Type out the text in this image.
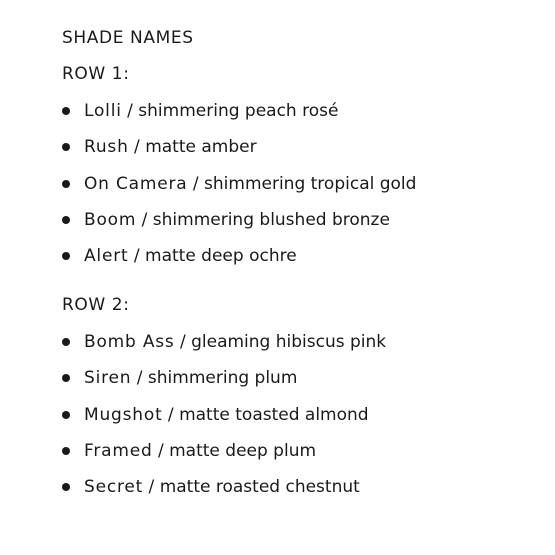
SHADE NAMES
ROW 1:
Lolli / shimmering peach rosé
Rush / matte amber
On Camera / shimmering tropical gold
Boom / shimmering blushed bronze
Alert / matte deep ochre
ROW 2:
Bomb Ass / gleaming hibiscus pink
Siren / shimmering plum
Mugshot / matte toasted almond
Framed / matte deep plum
Secret / matte roasted chestnut
